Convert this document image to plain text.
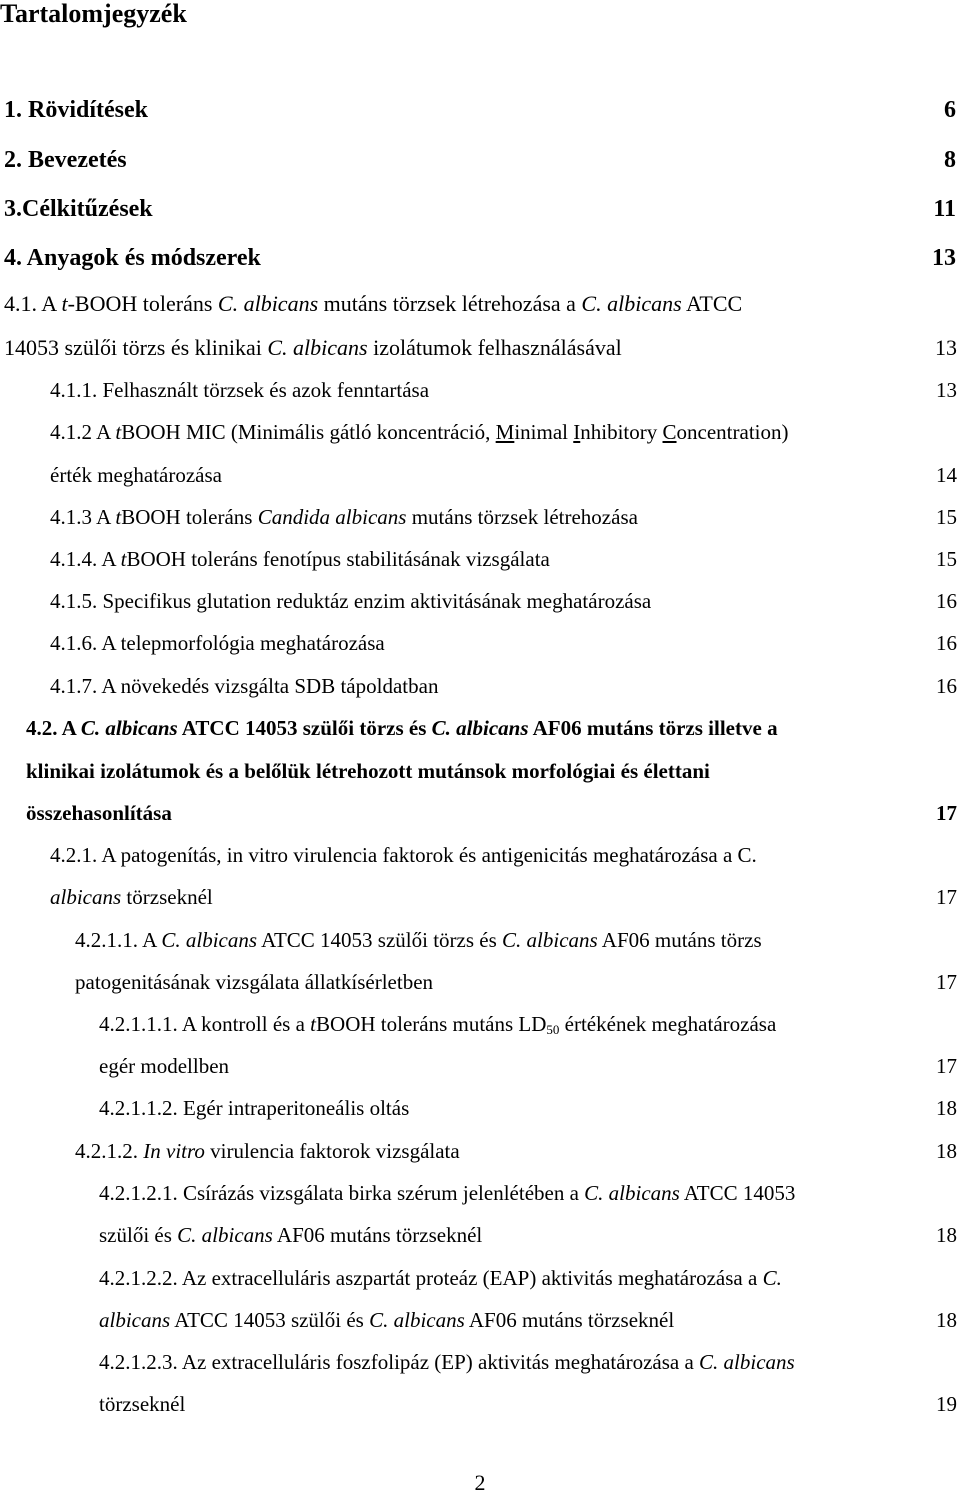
Tartalomjegyzék
1. Rövidítések	6
2. Bevezetés	8
3.Célkitűzések	11
4. Anyagok és módszerek	13
4.1. A t-BOOH toleráns C. albicans mutáns törzsek létrehozása a C. albicans ATCC
14053 szülői törzs és klinikai C. albicans izolátumok felhasználásával	13
4.1.1. Felhasznált törzsek és azok fenntartása	13
4.1.2 A tBOOH MIC (Minimális gátló koncentráció, Minimal Inhibitory Concentration)
érték meghatározása	14
4.1.3 A tBOOH toleráns Candida albicans mutáns törzsek létrehozása	15
4.1.4. A tBOOH toleráns fenotípus stabilitásának vizsgálata	15
4.1.5. Specifikus glutation reduktáz enzim aktivitásának meghatározása	16
4.1.6. A telepmorfológia meghatározása	16
4.1.7. A növekedés vizsgálta SDB tápoldatban	16
4.2. A C. albicans ATCC 14053 szülői törzs és C. albicans AF06 mutáns törzs illetve a
klinikai izolátumok és a belőlük létrehozott mutánsok morfológiai és élettani
összehasonlítása	17
4.2.1. A patogenítás, in vitro virulencia faktorok és antigenicitás meghatározása a C.
albicans törzseknél	17
4.2.1.1. A C. albicans ATCC 14053 szülői törzs és C. albicans AF06 mutáns törzs
patogenitásának vizsgálata állatkísérletben	17
4.2.1.1.1. A kontroll és a tBOOH toleráns mutáns $LD_{50}$ értékének meghatározása
egér modellben	17
4.2.1.1.2. Egér intraperitoneális oltás	18
4.2.1.2. In vitro virulencia faktorok vizsgálata	18
4.2.1.2.1. Csírázás vizsgálata birka szérum jelenlétében a C. albicans ATCC 14053
szülői és C. albicans AF06 mutáns törzseknél	18
4.2.1.2.2. Az extracelluláris aszpartát proteáz (EAP) aktivitás meghatározása a C.
albicans ATCC 14053 szülői és C. albicans AF06 mutáns törzseknél	18
4.2.1.2.3. Az extracelluláris foszfolipáz (EP) aktivitás meghatározása a C. albicans
törzseknél	19
2
